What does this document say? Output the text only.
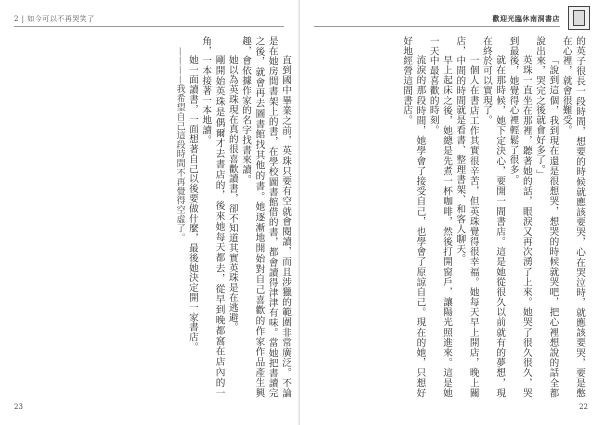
2 | 如今可以不再哭笑了

直到國中畢業之前，英珠只要有空就會閱讀，而且涉獵的範圍非常廣泛。不論是在她房間書架上的書，在學校圖書館借的書，都會讀得津津有味。當她把書讀完之後，就會再去圖書館找其他的書。她逐漸地開始對自己喜歡的作家作品產生興趣，會依據作家的名字找書來讀。

她以為英珠現在真的很喜歡讀書，卻不知道其實英珠是在逃避。

剛開始英珠是偶爾才去書店的，後來她每天都去，從早到晚都窩在店內的一角，一本接著一本地讀。

她一面讀書，一面想著自己以後要做什麼，最後她決定開一家書店。

————我希望自己這段時間不再覺得空虛了。

23
歡迎光臨休南洞書店

的英子很長一段時間，想要的時候就應該要哭，心在哭泣時，就應該要哭，要是憋在心裡，就會很難受。

「說到這個，我到現在還是很想哭，想哭的時候就哭吧，把心裡想說的話全都說出來，哭完之後就會好多了。」

英珠一直坐在那裡，聽著她的話，眼淚又再次湧了上來。她哭了很久很久，哭到最後，她覺得心裡輕鬆了很多。

就在那時候，她下定決心，要開一間書店。這是她從很久以前就有的夢想，現在終於可以實現了。

一個人在書店工作其實很辛苦，但英珠覺得很幸福。她每天早上開店，晚上關店，中間的時間就是看書、整理書架、和客人聊天。

早上起床之後，她總是先煮一杯咖啡，然後打開窗戶，讓陽光照進來。這是她一天中最喜歡的時刻。

流淚的那段時間，她學會了接受自己，也學會了原諒自己。現在的她，只想好好地經營這間書店。

22
